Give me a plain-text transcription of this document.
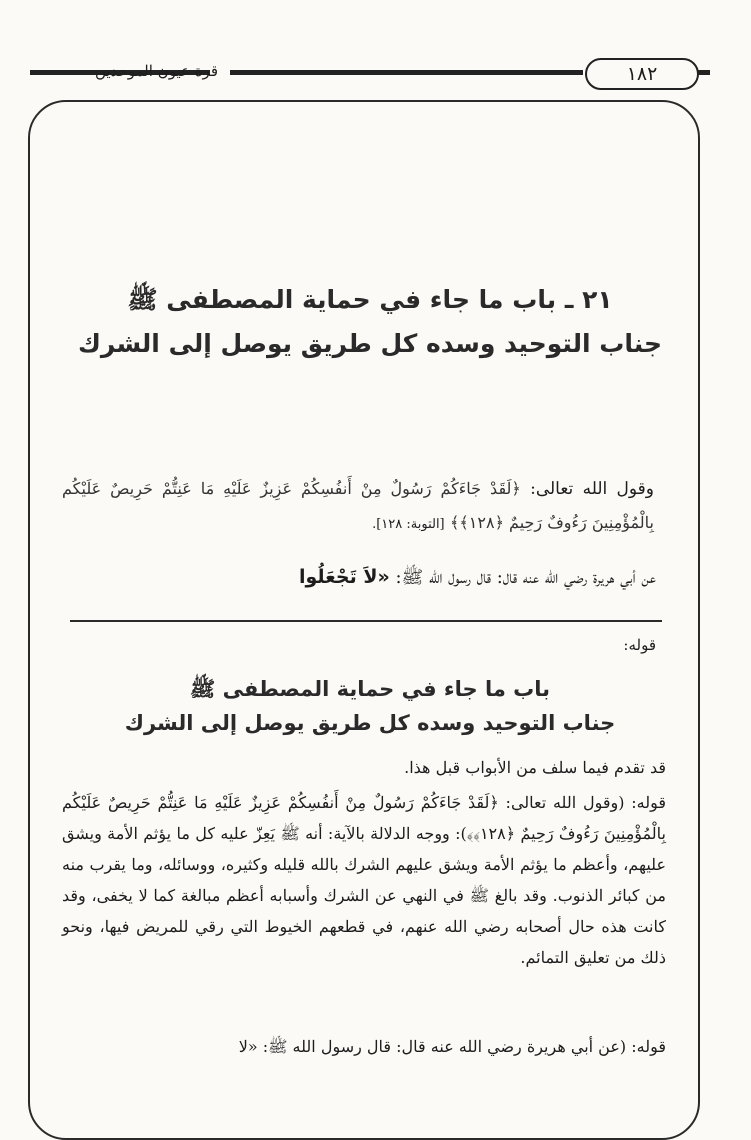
قرة عيون الموحدين	١٨٢
٢١ ـ باب ما جاء في حماية المصطفى ﷺ
جناب التوحيد وسده كل طريق يوصل إلى الشرك
وقول الله تعالى: ﴿لَقَدْ جَاءَكُمْ رَسُولٌ مِنْ أَنفُسِكُمْ عَزِيزٌ عَلَيْهِ مَا عَنِتُّمْ حَرِيصٌ عَلَيْكُم بِالْمُؤْمِنِينَ رَءُوفٌ رَحِيمٌ ﴿١٢٨﴾﴾ [التوبة: ١٢٨].
عن أبي هريرة رضي الله عنه قال: قال رسول الله ﷺ: «لاَ تَجْعَلُوا
قوله:
باب ما جاء في حماية المصطفى ﷺ
جناب التوحيد وسده كل طريق يوصل إلى الشرك

قد تقدم فيما سلف من الأبواب قبل هذا.

قوله: (وقول الله تعالى: ﴿لَقَدْ جَاءَكُمْ رَسُولٌ مِنْ أَنفُسِكُمْ عَزِيزٌ عَلَيْهِ مَا عَنِتُّمْ حَرِيصٌ عَلَيْكُم بِالْمُؤْمِنِينَ رَءُوفٌ رَحِيمٌ ﴿١٢٨﴾﴾): ووجه الدلالة بالآية: أنه ﷺ يَعِزّ عليه كل ما يؤثم الأمة ويشق عليهم، وأعظم ما يؤثم الأمة ويشق عليهم الشرك بالله قليله وكثيره، ووسائله، وما يقرب منه من كبائر الذنوب. وقد بالغ ﷺ في النهي عن الشرك وأسبابه أعظم مبالغة كما لا يخفى، وقد كانت هذه حال أصحابه رضي الله عنهم، في قطعهم الخيوط التي رقي للمريض فيها، ونحو ذلك من تعليق التمائم.

قوله: (عن أبي هريرة رضي الله عنه قال: قال رسول الله ﷺ: «لا
